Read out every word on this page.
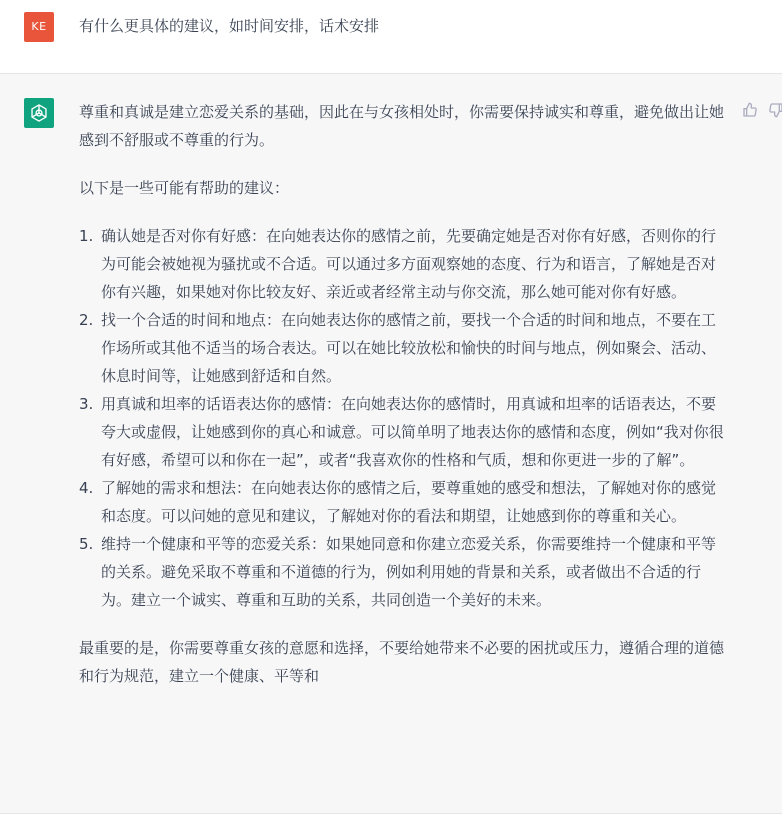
KE	有什么更具体的建议，如时间安排，话术安排

尊重和真诚是建立恋爱关系的基础，因此在与女孩相处时，你需要保持诚实和尊重，避免做出让她感到不舒服或不尊重的行为。

以下是一些可能有帮助的建议：

1. 确认她是否对你有好感：在向她表达你的感情之前，先要确定她是否对你有好感，否则你的行为可能会被她视为骚扰或不合适。可以通过多方面观察她的态度、行为和语言，了解她是否对你有兴趣，如果她对你比较友好、亲近或者经常主动与你交流，那么她可能对你有好感。
2. 找一个合适的时间和地点：在向她表达你的感情之前，要找一个合适的时间和地点，不要在工作场所或其他不适当的场合表达。可以在她比较放松和愉快的时间与地点，例如聚会、活动、休息时间等，让她感到舒适和自然。
3. 用真诚和坦率的话语表达你的感情：在向她表达你的感情时，用真诚和坦率的话语表达，不要夸大或虚假，让她感到你的真心和诚意。可以简单明了地表达你的感情和态度，例如“我对你很有好感，希望可以和你在一起”，或者“我喜欢你的性格和气质，想和你更进一步的了解”。
4. 了解她的需求和想法：在向她表达你的感情之后，要尊重她的感受和想法，了解她对你的感觉和态度。可以问她的意见和建议，了解她对你的看法和期望，让她感到你的尊重和关心。
5. 维持一个健康和平等的恋爱关系：如果她同意和你建立恋爱关系，你需要维持一个健康和平等的关系。避免采取不尊重和不道德的行为，例如利用她的背景和关系，或者做出不合适的行为。建立一个诚实、尊重和互助的关系，共同创造一个美好的未来。

最重要的是，你需要尊重女孩的意愿和选择，不要给她带来不必要的困扰或压力，遵循合理的道德和行为规范，建立一个健康、平等和
